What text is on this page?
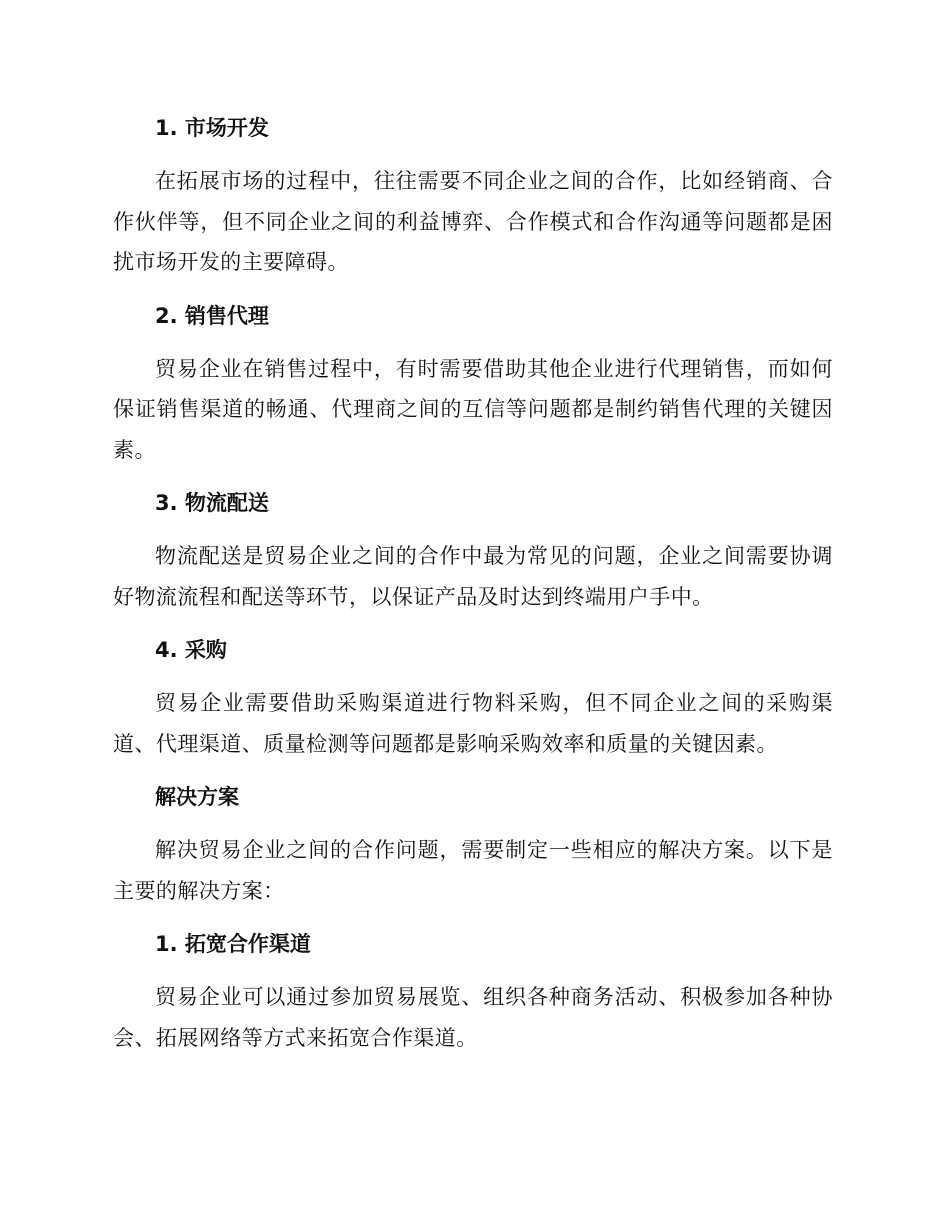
1. 市场开发

在拓展市场的过程中，往往需要不同企业之间的合作，比如经销商、合作伙伴等，但不同企业之间的利益博弈、合作模式和合作沟通等问题都是困扰市场开发的主要障碍。

2. 销售代理

贸易企业在销售过程中，有时需要借助其他企业进行代理销售，而如何保证销售渠道的畅通、代理商之间的互信等问题都是制约销售代理的关键因素。

3. 物流配送

物流配送是贸易企业之间的合作中最为常见的问题，企业之间需要协调好物流流程和配送等环节，以保证产品及时达到终端用户手中。

4. 采购

贸易企业需要借助采购渠道进行物料采购，但不同企业之间的采购渠道、代理渠道、质量检测等问题都是影响采购效率和质量的关键因素。

解决方案

解决贸易企业之间的合作问题，需要制定一些相应的解决方案。以下是主要的解决方案：

1. 拓宽合作渠道

贸易企业可以通过参加贸易展览、组织各种商务活动、积极参加各种协会、拓展网络等方式来拓宽合作渠道。
